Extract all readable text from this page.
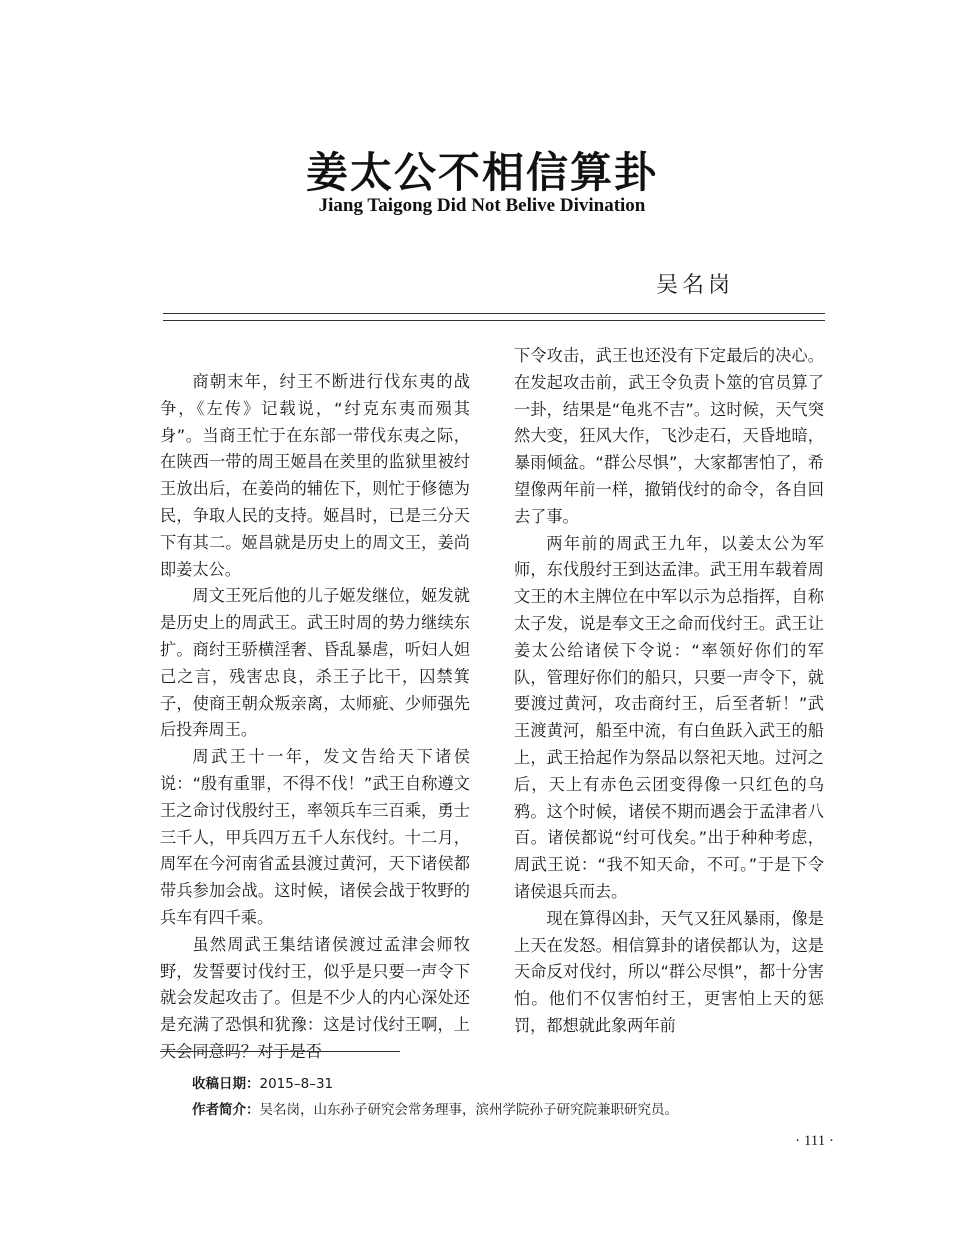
姜太公不相信算卦
Jiang Taigong Did Not Belive Divination
吴名岗

商朝末年，纣王不断进行伐东夷的战争，《左传》记载说，“纣克东夷而殒其身”。当商王忙于在东部一带伐东夷之际，在陕西一带的周王姬昌在羑里的监狱里被纣王放出后，在姜尚的辅佐下，则忙于修德为民，争取人民的支持。姬昌时，已是三分天下有其二。姬昌就是历史上的周文王，姜尚即姜太公。

周文王死后他的儿子姬发继位，姬发就是历史上的周武王。武王时周的势力继续东扩。商纣王骄横淫奢、昏乱暴虐，听妇人妲己之言，残害忠良，杀王子比干，囚禁箕子，使商王朝众叛亲离，太师疵、少师强先后投奔周王。

周武王十一年，发文告给天下诸侯说：“殷有重罪，不得不伐！”武王自称遵文王之命讨伐殷纣王，率领兵车三百乘，勇士三千人，甲兵四万五千人东伐纣。十二月，周军在今河南省孟县渡过黄河，天下诸侯都带兵参加会战。这时候，诸侯会战于牧野的兵车有四千乘。

虽然周武王集结诸侯渡过孟津会师牧野，发誓要讨伐纣王，似乎是只要一声令下就会发起攻击了。但是不少人的内心深处还是充满了恐惧和犹豫：这是讨伐纣王啊，上天会同意吗？对于是否

下令攻击，武王也还没有下定最后的决心。在发起攻击前，武王令负责卜筮的官员算了一卦，结果是“龟兆不吉”。这时候，天气突然大变，狂风大作，飞沙走石，天昏地暗，暴雨倾盆。“群公尽惧”，大家都害怕了，希望像两年前一样，撤销伐纣的命令，各自回去了事。

两年前的周武王九年，以姜太公为军师，东伐殷纣王到达孟津。武王用车载着周文王的木主牌位在中军以示为总指挥，自称太子发，说是奉文王之命而伐纣王。武王让姜太公给诸侯下令说：“率领好你们的军队，管理好你们的船只，只要一声令下，就要渡过黄河，攻击商纣王，后至者斩！”武王渡黄河，船至中流，有白鱼跃入武王的船上，武王拾起作为祭品以祭祀天地。过河之后，天上有赤色云团变得像一只红色的乌鸦。这个时候，诸侯不期而遇会于孟津者八百。诸侯都说“纣可伐矣。”出于种种考虑，周武王说：“我不知天命，不可。”于是下令诸侯退兵而去。

现在算得凶卦，天气又狂风暴雨，像是上天在发怒。相信算卦的诸侯都认为，这是天命反对伐纣，所以“群公尽惧”，都十分害怕。他们不仅害怕纣王，更害怕上天的惩罚，都想就此象两年前

收稿日期：2015–8–31
作者简介：吴名岗，山东孙子研究会常务理事，滨州学院孙子研究院兼职研究员。
· 111 ·
